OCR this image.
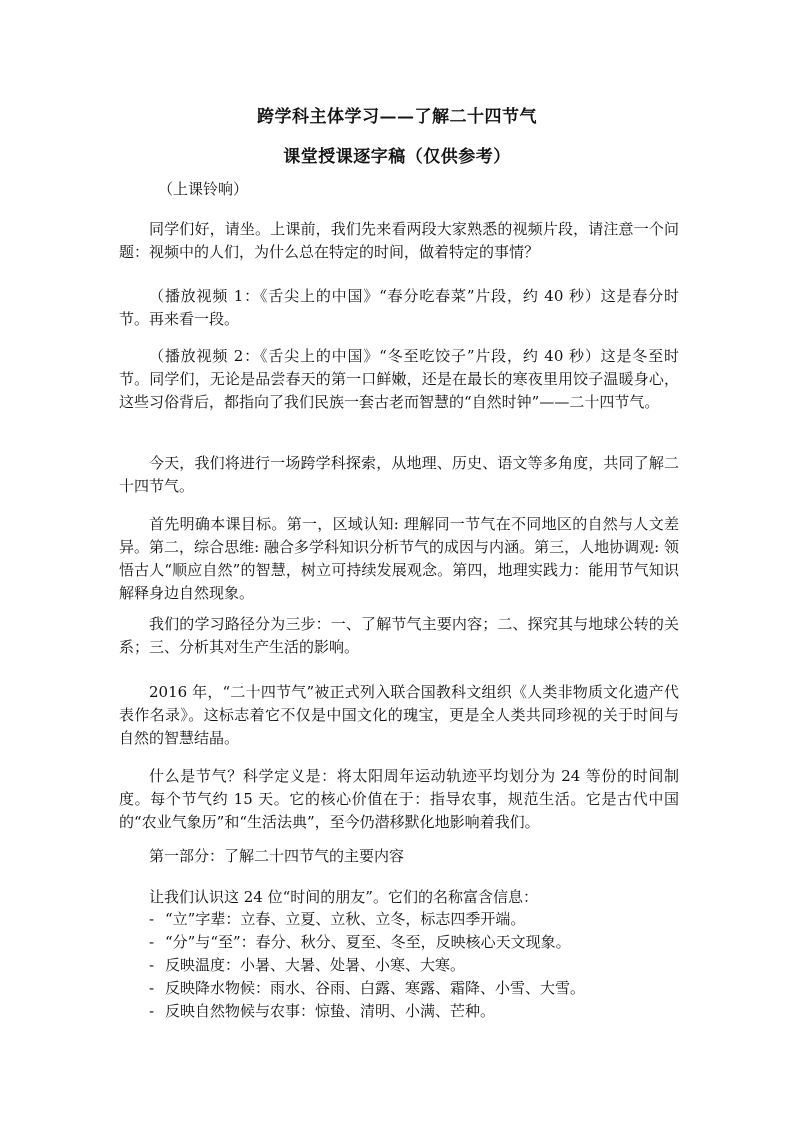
跨学科主体学习——了解二十四节气
课堂授课逐字稿（仅供参考）
（上课铃响）

同学们好，请坐。上课前，我们先来看两段大家熟悉的视频片段，请注意一个问题：视频中的人们，为什么总在特定的时间，做着特定的事情？

（播放视频 1：《舌尖上的中国》“春分吃春菜”片段，约 40 秒）这是春分时节。再来看一段。

（播放视频 2：《舌尖上的中国》“冬至吃饺子”片段，约 40 秒）这是冬至时节。同学们，无论是品尝春天的第一口鲜嫩，还是在最长的寒夜里用饺子温暖身心，这些习俗背后，都指向了我们民族一套古老而智慧的“自然时钟”——二十四节气。

今天，我们将进行一场跨学科探索，从地理、历史、语文等多角度，共同了解二十四节气。

首先明确本课目标。第一，区域认知: 理解同一节气在不同地区的自然与人文差异。第二，综合思维: 融合多学科知识分析节气的成因与内涵。第三，人地协调观: 领悟古人“顺应自然”的智慧，树立可持续发展观念。第四，地理实践力：能用节气知识解释身边自然现象。

我们的学习路径分为三步：一、了解节气主要内容；二、探究其与地球公转的关系；三、分析其对生产生活的影响。

2016 年，“二十四节气”被正式列入联合国教科文组织《人类非物质文化遗产代表作名录》。这标志着它不仅是中国文化的瑰宝，更是全人类共同珍视的关于时间与自然的智慧结晶。

什么是节气？科学定义是：将太阳周年运动轨迹平均划分为 24 等份的时间制度。每个节气约 15 天。它的核心价值在于：指导农事，规范生活。它是古代中国的“农业气象历”和“生活法典”，至今仍潜移默化地影响着我们。

第一部分：了解二十四节气的主要内容
让我们认识这 24 位“时间的朋友”。它们的名称富含信息：
- “立”字辈：立春、立夏、立秋、立冬，标志四季开端。
- “分”与“至”：春分、秋分、夏至、冬至，反映核心天文现象。
- 反映温度：小暑、大暑、处暑、小寒、大寒。
- 反映降水物候：雨水、谷雨、白露、寒露、霜降、小雪、大雪。
- 反映自然物候与农事：惊蛰、清明、小满、芒种。
